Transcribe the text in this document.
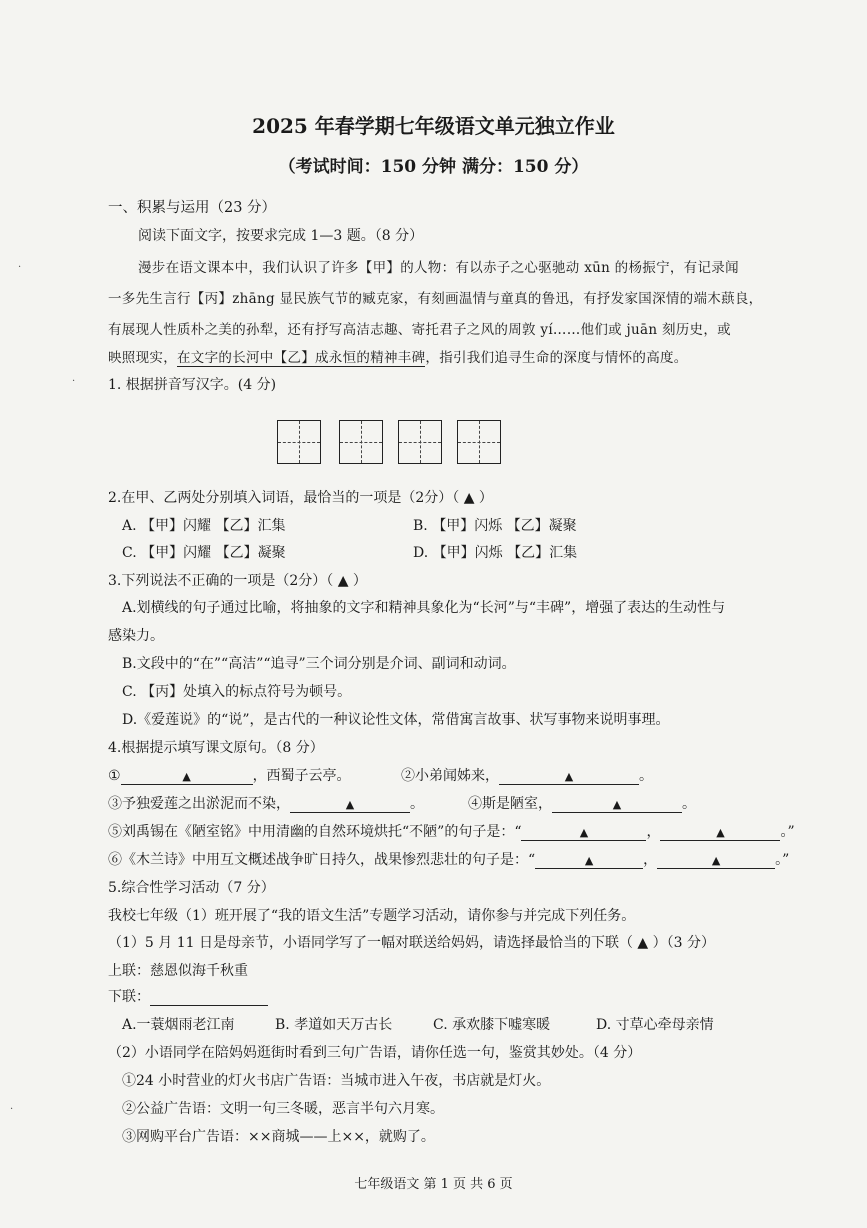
2025 年春学期七年级语文单元独立作业
（考试时间：150 分钟 满分：150 分）
一、积累与运用（23 分）
阅读下面文字，按要求完成 1—3 题。（8 分）
漫步在语文课本中，我们认识了许多【甲】的人物：有以赤子之心驱驰动 xūn 的杨振宁，有记录闻
一多先生言行【丙】zhāng 显民族气节的臧克家，有刻画温情与童真的鲁迅，有抒发家国深情的端木蕻良，
有展现人性质朴之美的孙犁，还有抒写高洁志趣、寄托君子之风的周敦 yí……他们或 juān 刻历史，或
映照现实，在文字的长河中【乙】成永恒的精神丰碑，指引我们追寻生命的深度与情怀的高度。
1. 根据拼音写汉字。(4 分)
2.在甲、乙两处分别填入词语，最恰当的一项是（2分）（ ▲ ）
A. 【甲】闪耀 【乙】汇集	B. 【甲】闪烁 【乙】凝聚
C. 【甲】闪耀 【乙】凝聚	D. 【甲】闪烁 【乙】汇集
3.下列说法不正确的一项是（2分）（ ▲ ）
A.划横线的句子通过比喻，将抽象的文字和精神具象化为“长河”与“丰碑”，增强了表达的生动性与
感染力。
B.文段中的“在”“高洁”“追寻”三个词分别是介词、副词和动词。
C. 【丙】处填入的标点符号为顿号。
D.《爱莲说》的“说”，是古代的一种议论性文体，常借寓言故事、状写事物来说明事理。
4.根据提示填写课文原句。（8 分）
①	▲	，西蜀子云亭。	②小弟闻姊来，	▲	。
③予独爱莲之出淤泥而不染，	▲	。	④斯是陋室，	▲	。
⑤刘禹锡在《陋室铭》中用清幽的自然环境烘托“不陋”的句子是：“	▲	，	▲	。”
⑥《木兰诗》中用互文概述战争旷日持久，战果惨烈悲壮的句子是：“	▲	，	▲	。”
5.综合性学习活动（7 分）
我校七年级（1）班开展了“我的语文生活”专题学习活动，请你参与并完成下列任务。
（1）5 月 11 日是母亲节，小语同学写了一幅对联送给妈妈，请选择最恰当的下联（ ▲ ）（3 分）
上联：慈恩似海千秋重
下联：
A.一蓑烟雨老江南	B. 孝道如天万古长	C. 承欢膝下嘘寒暖	D. 寸草心牵母亲情
（2）小语同学在陪妈妈逛街时看到三句广告语，请你任选一句，鉴赏其妙处。（4 分）
①24 小时营业的灯火书店广告语：当城市进入午夜，书店就是灯火。
②公益广告语：文明一句三冬暖，恶言半句六月寒。
③网购平台广告语：××商城——上××，就购了。
七年级语文 第 1 页 共 6 页
·
·
·
